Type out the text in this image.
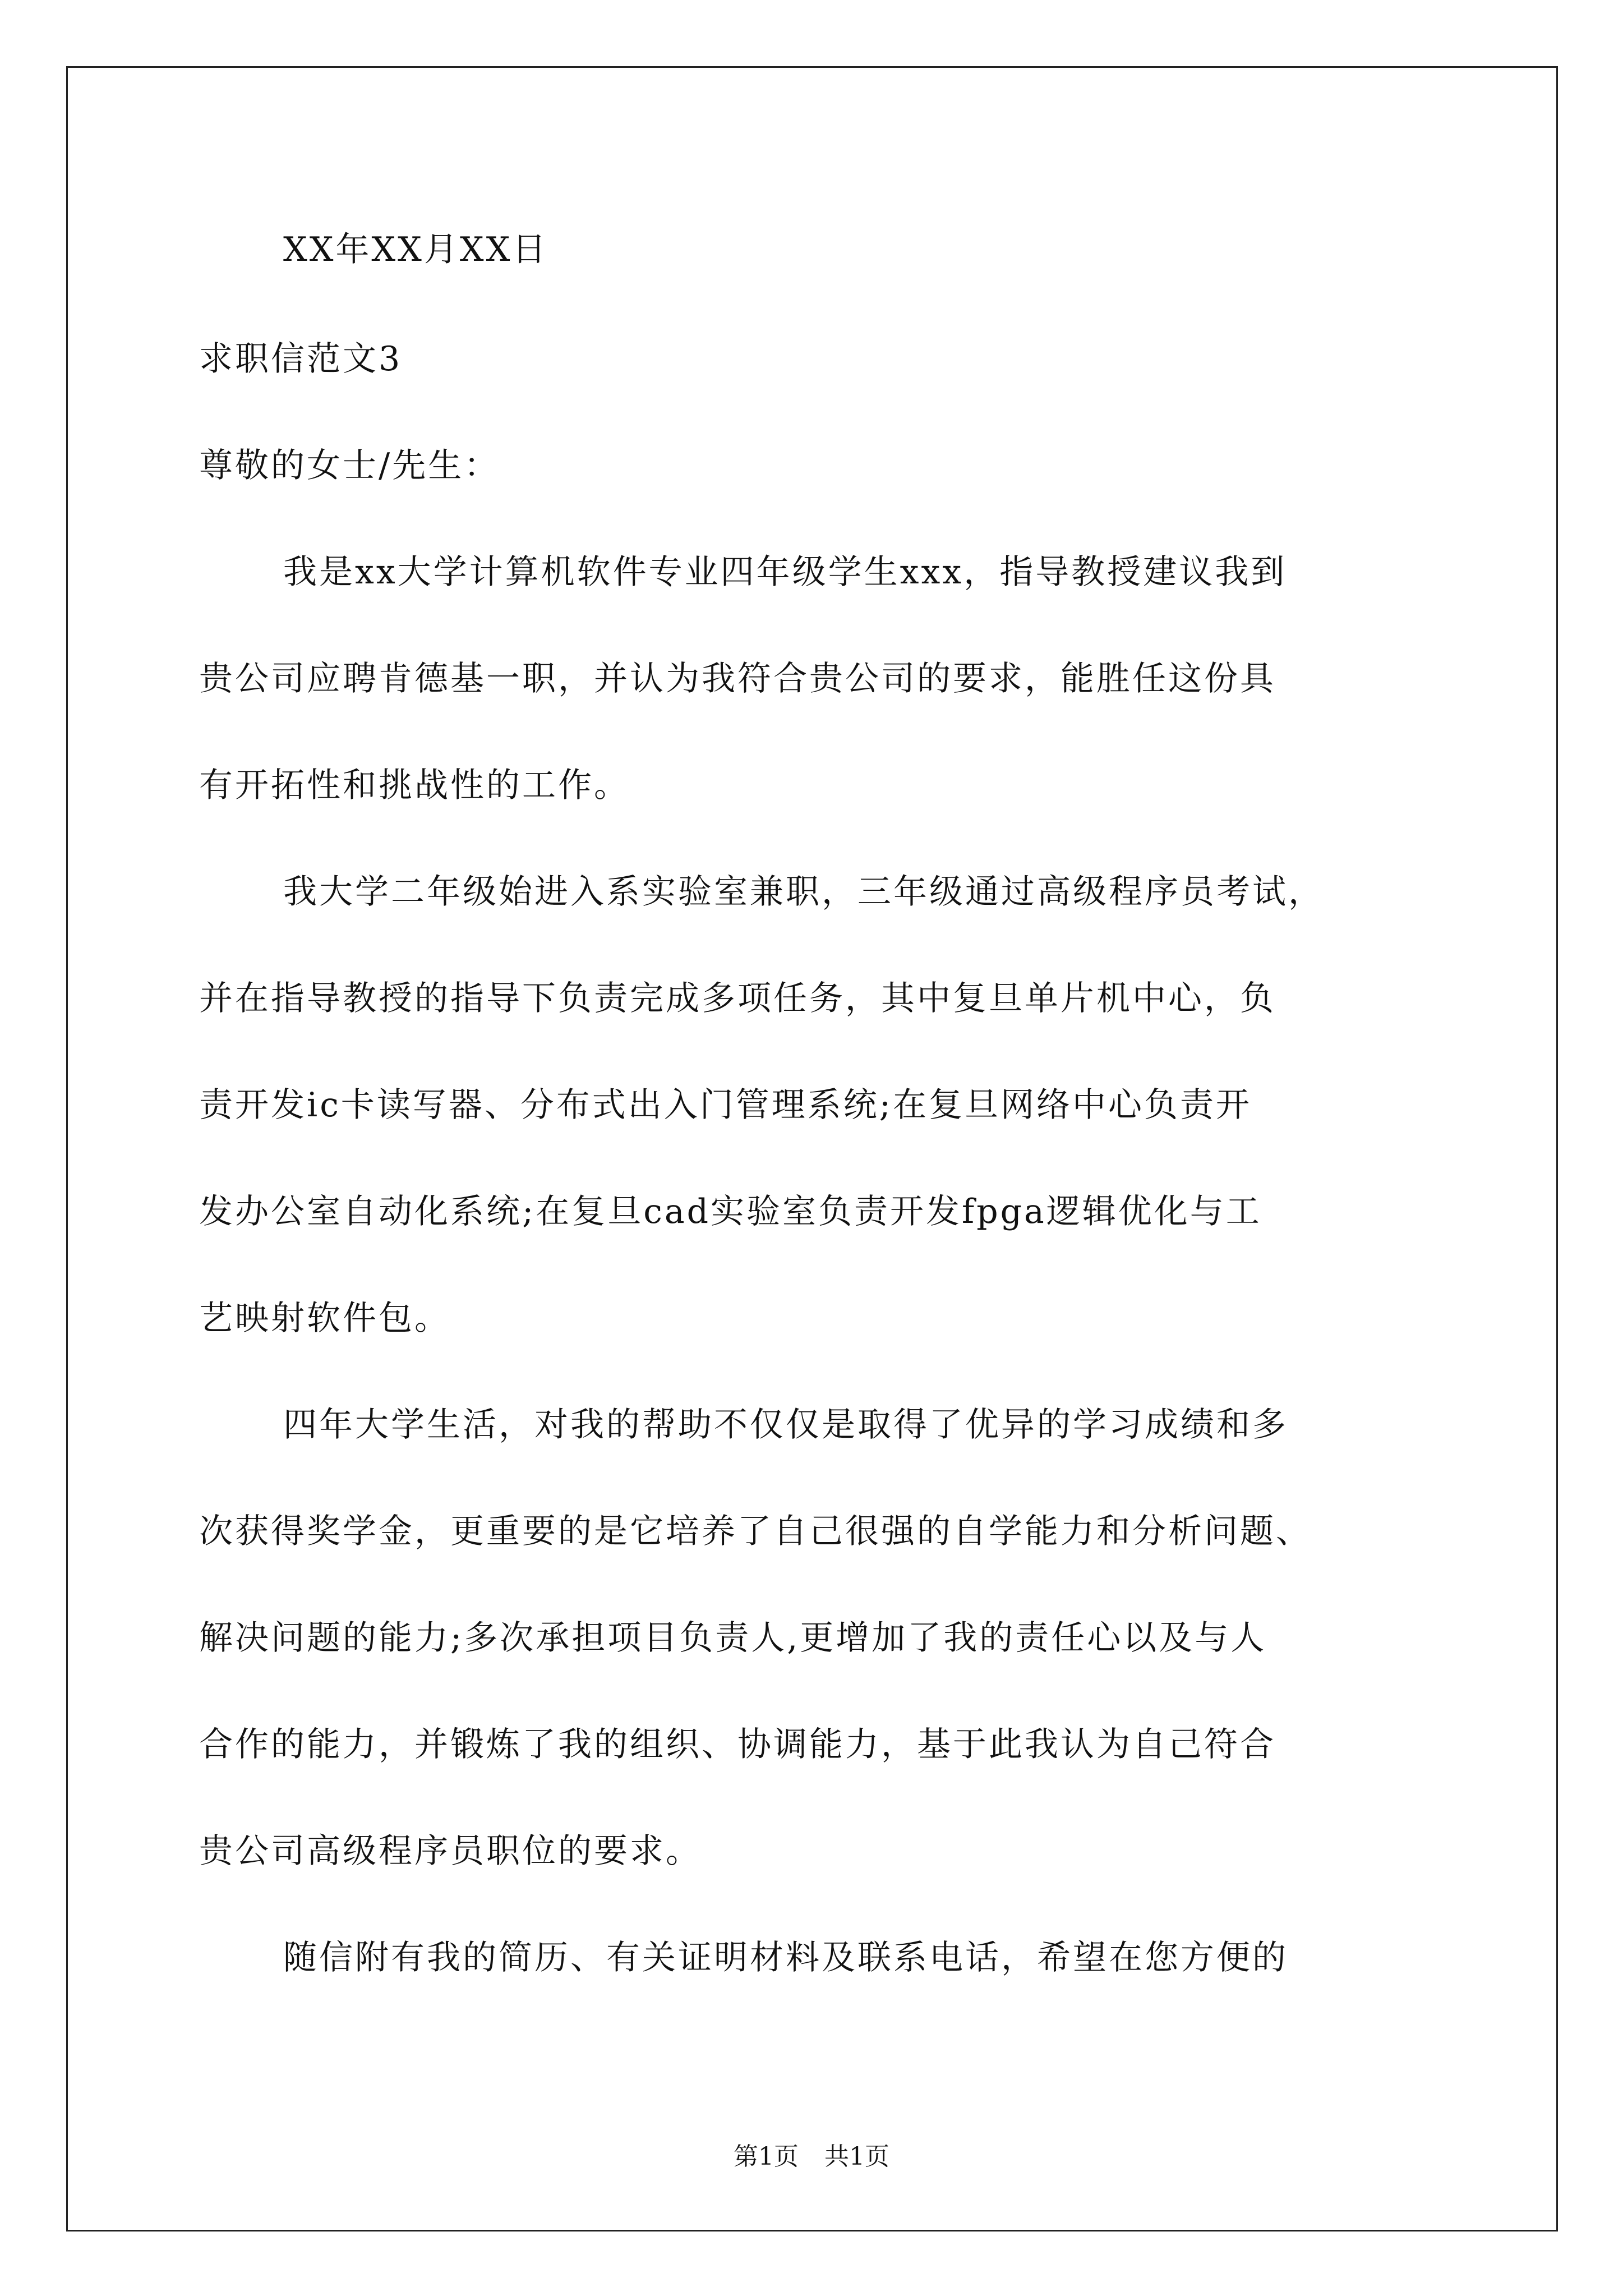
XX年XX月XX日

求职信范文3

尊敬的女士/先生：

我是xx大学计算机软件专业四年级学生xxx，指导教授建议我到

贵公司应聘肯德基一职，并认为我符合贵公司的要求，能胜任这份具

有开拓性和挑战性的工作。

我大学二年级始进入系实验室兼职，三年级通过高级程序员考试，

并在指导教授的指导下负责完成多项任务，其中复旦单片机中心，负

责开发ic卡读写器、分布式出入门管理系统;在复旦网络中心负责开

发办公室自动化系统;在复旦cad实验室负责开发fpga逻辑优化与工

艺映射软件包。

四年大学生活，对我的帮助不仅仅是取得了优异的学习成绩和多

次获得奖学金，更重要的是它培养了自己很强的自学能力和分析问题、

解决问题的能力;多次承担项目负责人,更增加了我的责任心以及与人

合作的能力，并锻炼了我的组织、协调能力，基于此我认为自己符合

贵公司高级程序员职位的要求。

随信附有我的简历、有关证明材料及联系电话，希望在您方便的

第1页 共1页
